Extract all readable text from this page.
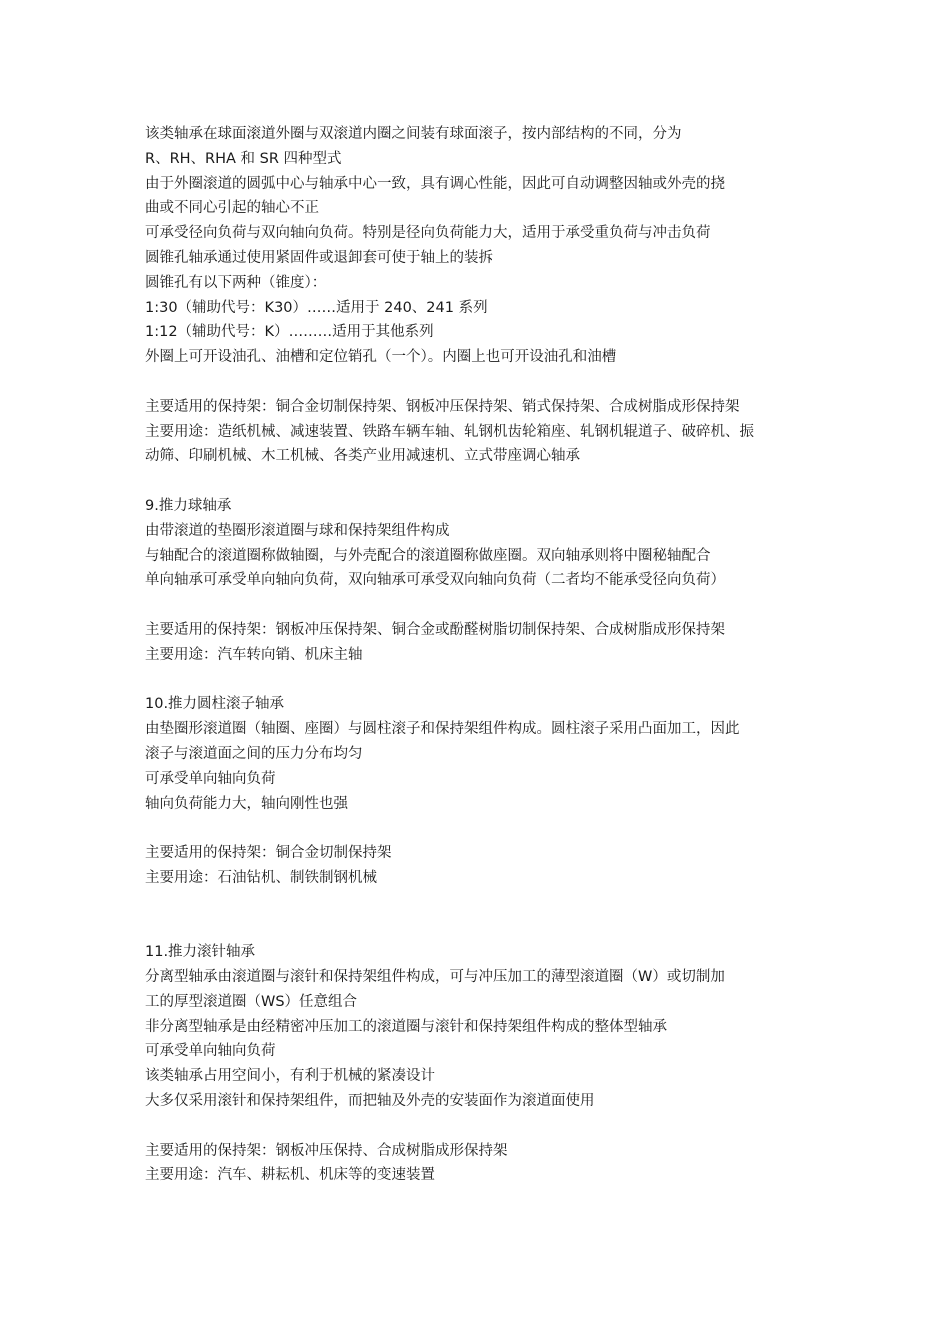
该类轴承在球面滚道外圈与双滚道内圈之间装有球面滚子，按内部结构的不同，分为
R、RH、RHA 和 SR 四种型式
由于外圈滚道的圆弧中心与轴承中心一致，具有调心性能，因此可自动调整因轴或外壳的挠
曲或不同心引起的轴心不正
可承受径向负荷与双向轴向负荷。特别是径向负荷能力大，适用于承受重负荷与冲击负荷
圆锥孔轴承通过使用紧固件或退卸套可使于轴上的装拆
圆锥孔有以下两种（锥度）：
1:30（辅助代号：K30）……适用于 240、241 系列
1:12（辅助代号：K）………适用于其他系列
外圈上可开设油孔、油槽和定位销孔（一个）。内圈上也可开设油孔和油槽
主要适用的保持架：铜合金切制保持架、钢板冲压保持架、销式保持架、合成树脂成形保持架
主要用途：造纸机械、减速装置、铁路车辆车轴、轧钢机齿轮箱座、轧钢机辊道子、破碎机、振
动筛、印刷机械、木工机械、各类产业用减速机、立式带座调心轴承
9.推力球轴承
由带滚道的垫圈形滚道圈与球和保持架组件构成
与轴配合的滚道圈称做轴圈，与外壳配合的滚道圈称做座圈。双向轴承则将中圈秘轴配合
单向轴承可承受单向轴向负荷，双向轴承可承受双向轴向负荷（二者均不能承受径向负荷）
主要适用的保持架：钢板冲压保持架、铜合金或酚醛树脂切制保持架、合成树脂成形保持架
主要用途：汽车转向销、机床主轴
10.推力圆柱滚子轴承
由垫圈形滚道圈（轴圈、座圈）与圆柱滚子和保持架组件构成。圆柱滚子采用凸面加工，因此
滚子与滚道面之间的压力分布均匀
可承受单向轴向负荷
轴向负荷能力大，轴向刚性也强
主要适用的保持架：铜合金切制保持架
主要用途：石油钻机、制铁制钢机械
11.推力滚针轴承
分离型轴承由滚道圈与滚针和保持架组件构成，可与冲压加工的薄型滚道圈（W）或切制加
工的厚型滚道圈（WS）任意组合
非分离型轴承是由经精密冲压加工的滚道圈与滚针和保持架组件构成的整体型轴承
可承受单向轴向负荷
该类轴承占用空间小，有利于机械的紧凑设计
大多仅采用滚针和保持架组件，而把轴及外壳的安装面作为滚道面使用
主要适用的保持架：钢板冲压保持、合成树脂成形保持架
主要用途：汽车、耕耘机、机床等的变速装置
